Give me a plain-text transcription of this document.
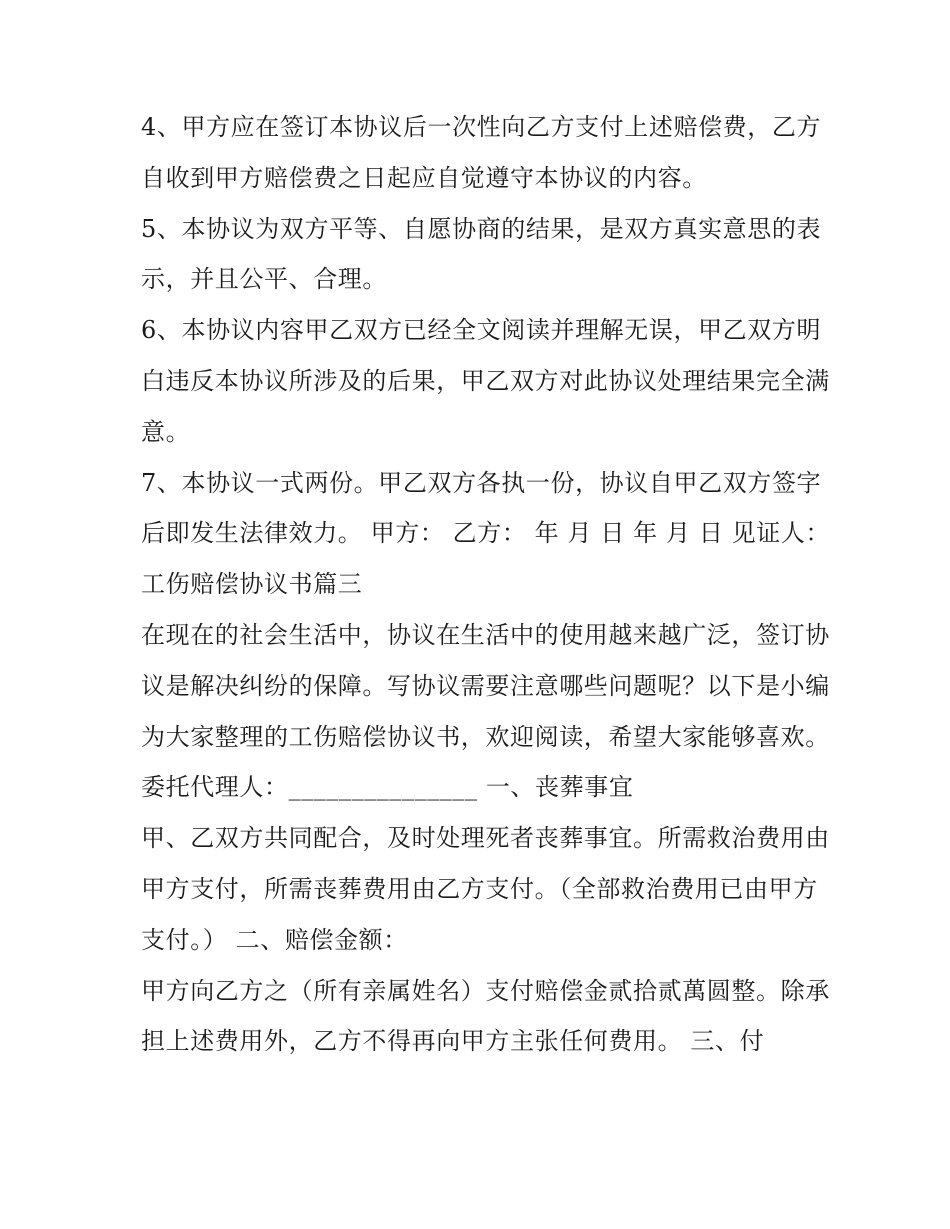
4、甲方应在签订本协议后一次性向乙方支付上述赔偿费，乙方自收到甲方赔偿费之日起应自觉遵守本协议的内容。

5、本协议为双方平等、自愿协商的结果，是双方真实意思的表示，并且公平、合理。

6、本协议内容甲乙双方已经全文阅读并理解无误，甲乙双方明白违反本协议所涉及的后果，甲乙双方对此协议处理结果完全满意。

7、本协议一式两份。甲乙双方各执一份，协议自甲乙双方签字后即发生法律效力。 甲方： 乙方： 年 月 日 年 月 日 见证人： 工伤赔偿协议书篇三

在现在的社会生活中，协议在生活中的使用越来越广泛，签订协议是解决纠纷的保障。写协议需要注意哪些问题呢？以下是小编为大家整理的工伤赔偿协议书，欢迎阅读，希望大家能够喜欢。

委托代理人：_______________ 一、丧葬事宜

甲、乙双方共同配合，及时处理死者丧葬事宜。所需救治费用由甲方支付，所需丧葬费用由乙方支付。（全部救治费用已由甲方支付。） 二、赔偿金额：

甲方向乙方之（所有亲属姓名）支付赔偿金贰拾贰萬圆整。除承担上述费用外，乙方不得再向甲方主张任何费用。 三、付
